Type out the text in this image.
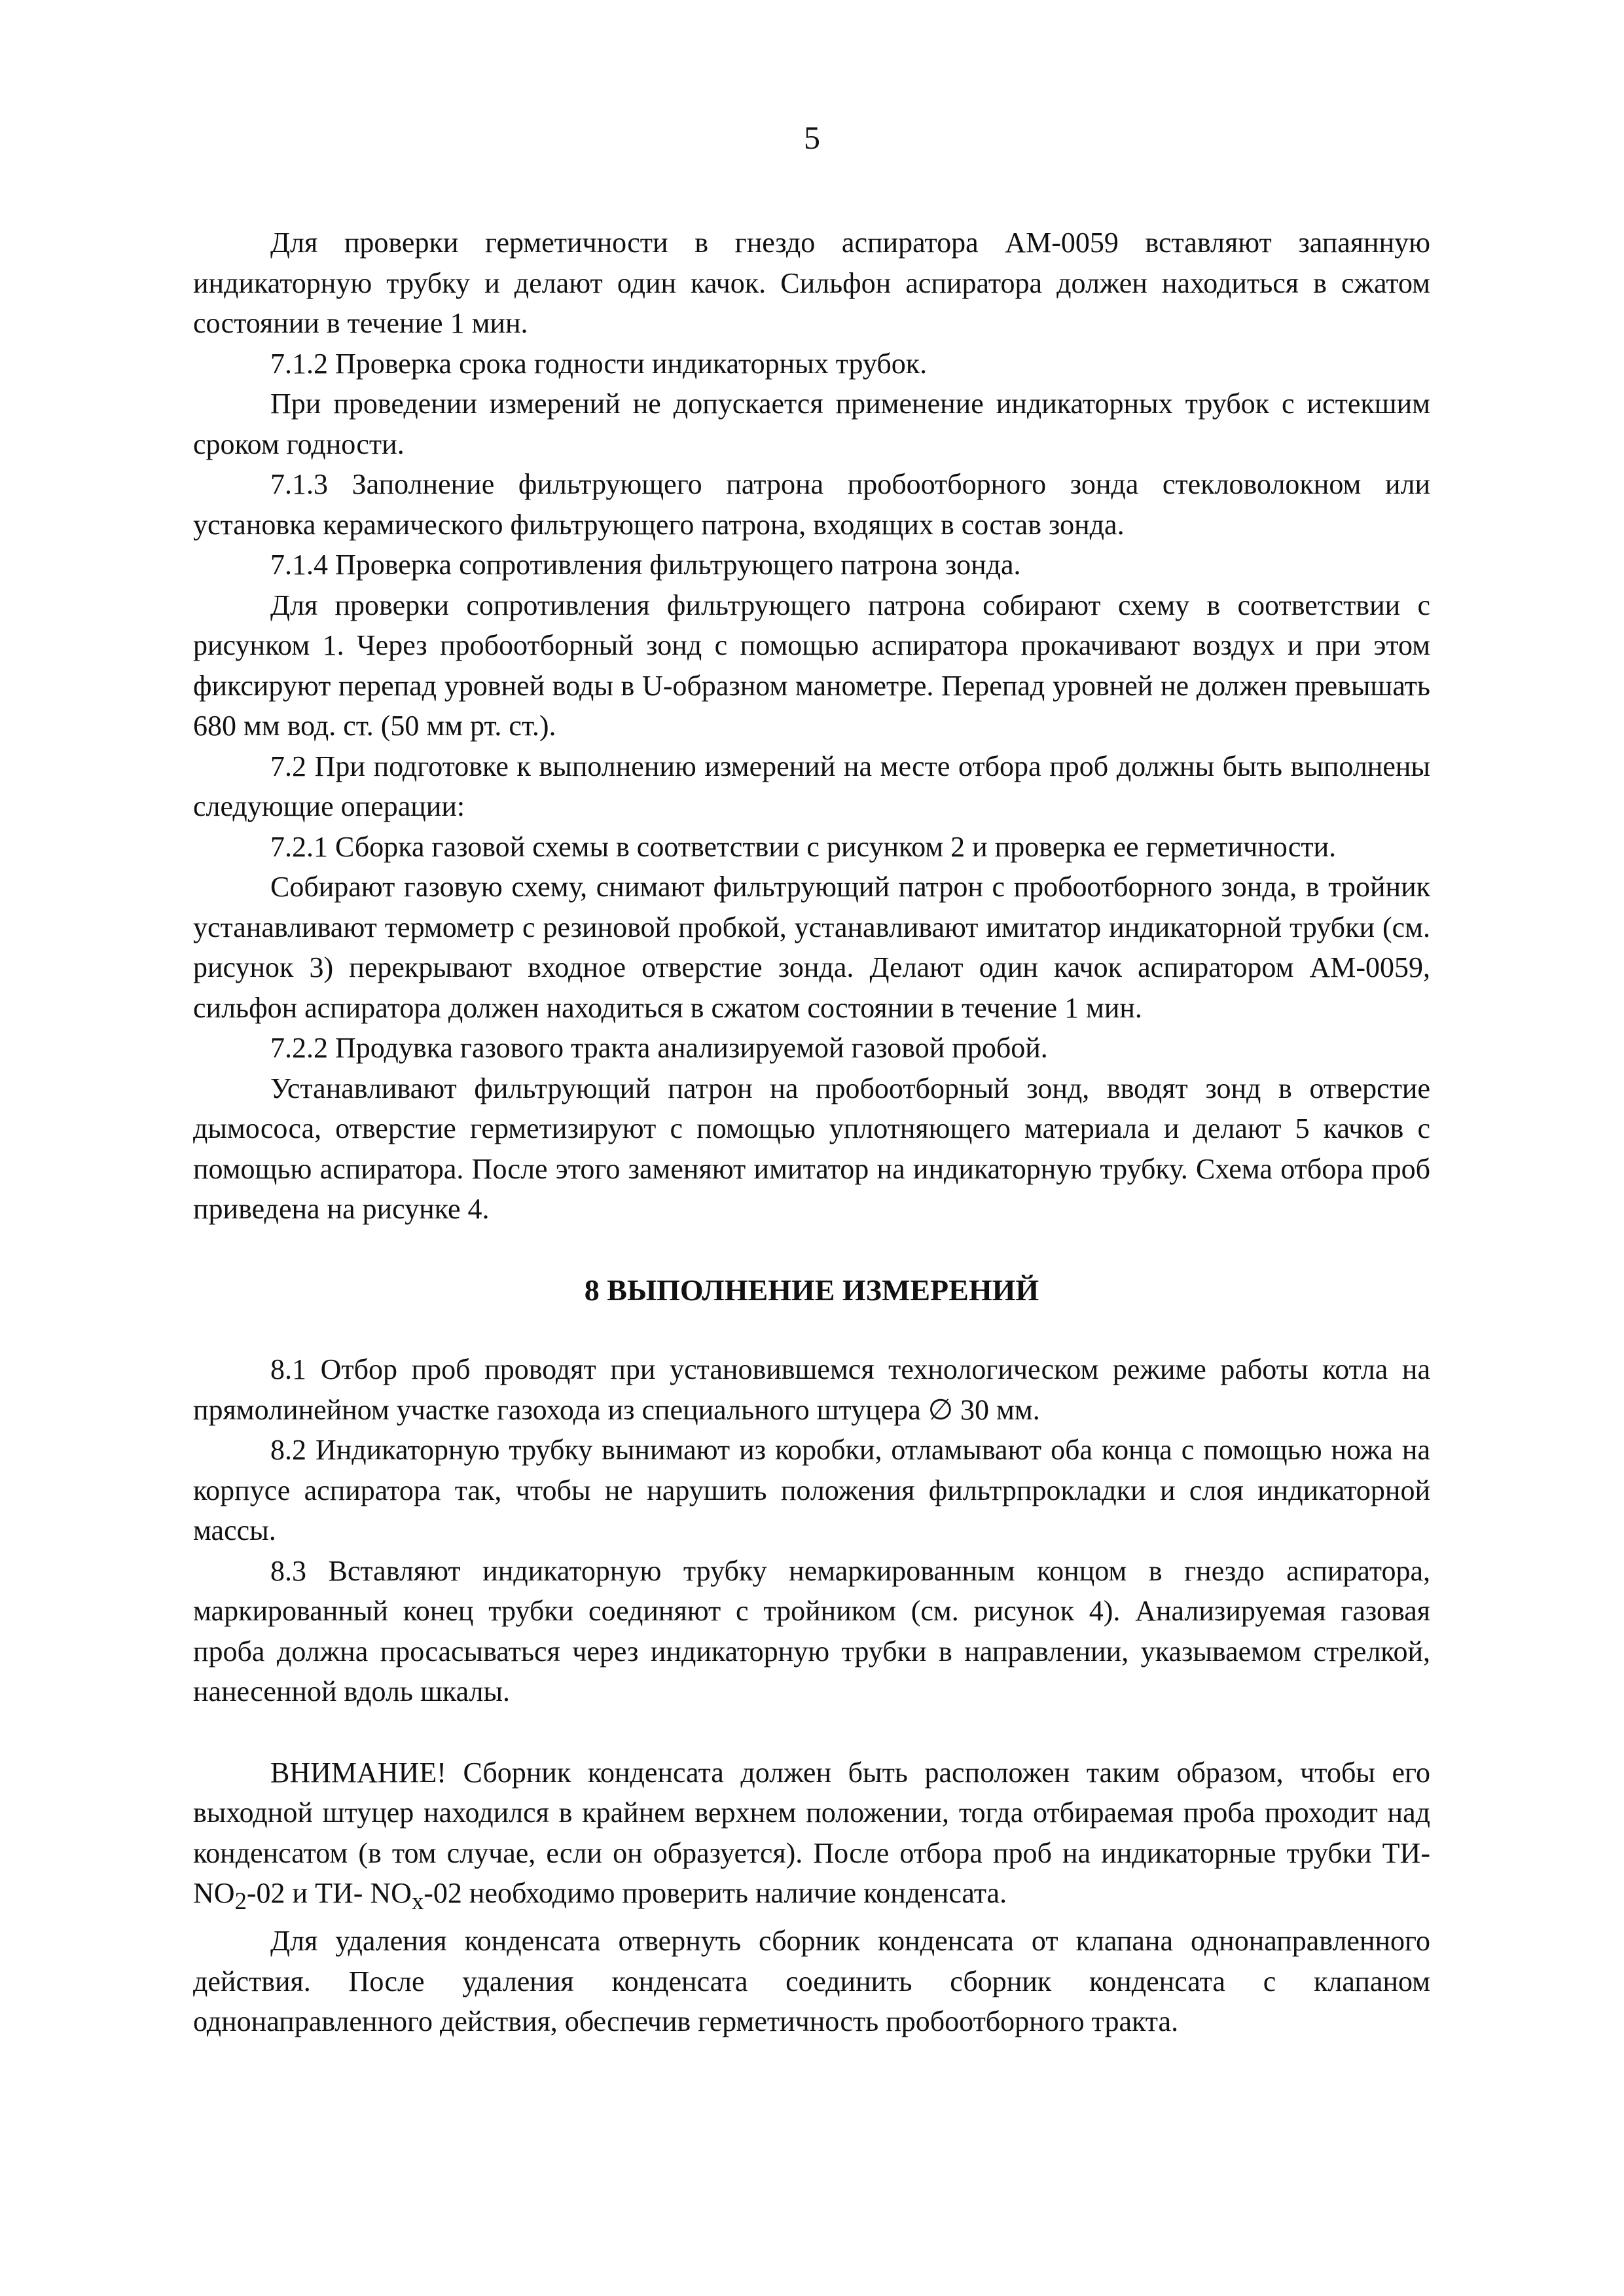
5

Для проверки герметичности в гнездо аспиратора АМ-0059 вставляют запаянную индикаторную трубку и делают один качок. Сильфон аспиратора должен находиться в сжатом состоянии в течение 1 мин.

7.1.2 Проверка срока годности индикаторных трубок.

При проведении измерений не допускается применение индикаторных трубок с истекшим сроком годности.

7.1.3 Заполнение фильтрующего патрона пробоотборного зонда стекловолокном или установка керамического фильтрующего патрона, входящих в состав зонда.

7.1.4 Проверка сопротивления фильтрующего патрона зонда.

Для проверки сопротивления фильтрующего патрона собирают схему в соответствии с рисунком 1. Через пробоотборный зонд с помощью аспиратора прокачивают воздух и при этом фиксируют перепад уровней воды в U-образном манометре. Перепад уровней не должен превышать 680 мм вод. ст. (50 мм рт. ст.).

7.2 При подготовке к выполнению измерений на месте отбора проб должны быть выполнены следующие операции:

7.2.1 Сборка газовой схемы в соответствии с рисунком 2 и проверка ее герметичности.

Собирают газовую схему, снимают фильтрующий патрон с пробоотборного зонда, в тройник устанавливают термометр с резиновой пробкой, устанавливают имитатор индикаторной трубки (см. рисунок 3) перекрывают входное отверстие зонда. Делают один качок аспиратором АМ-0059, сильфон аспиратора должен находиться в сжатом состоянии в течение 1 мин.

7.2.2 Продувка газового тракта анализируемой газовой пробой.

Устанавливают фильтрующий патрон на пробоотборный зонд, вводят зонд в отверстие дымососа, отверстие герметизируют с помощью уплотняющего материала и делают 5 качков с помощью аспиратора. После этого заменяют имитатор на индикаторную трубку. Схема отбора проб приведена на рисунке 4.

8 ВЫПОЛНЕНИЕ ИЗМЕРЕНИЙ

8.1 Отбор проб проводят при установившемся технологическом режиме работы котла на прямолинейном участке газохода из специального штуцера ∅ 30 мм.

8.2 Индикаторную трубку вынимают из коробки, отламывают оба конца с помощью ножа на корпусе аспиратора так, чтобы не нарушить положения фильтрпрокладки и слоя индикаторной массы.

8.3 Вставляют индикаторную трубку немаркированным концом в гнездо аспиратора, маркированный конец трубки соединяют с тройником (см. рисунок 4). Анализируемая газовая проба должна просасываться через индикаторную трубки в направлении, указываемом стрелкой, нанесенной вдоль шкалы.

ВНИМАНИЕ! Сборник конденсата должен быть расположен таким образом, чтобы его выходной штуцер находился в крайнем верхнем положении, тогда отбираемая проба проходит над конденсатом (в том случае, если он образуется). После отбора проб на индикаторные трубки $ТИ-NO_2-02$ и ТИ- $NO_x-02$ необходимо проверить наличие конденсата.

Для удаления конденсата отвернуть сборник конденсата от клапана однонаправленного действия. После удаления конденсата соединить сборник конденсата с клапаном однонаправленного действия, обеспечив герметичность пробоотборного тракта.
